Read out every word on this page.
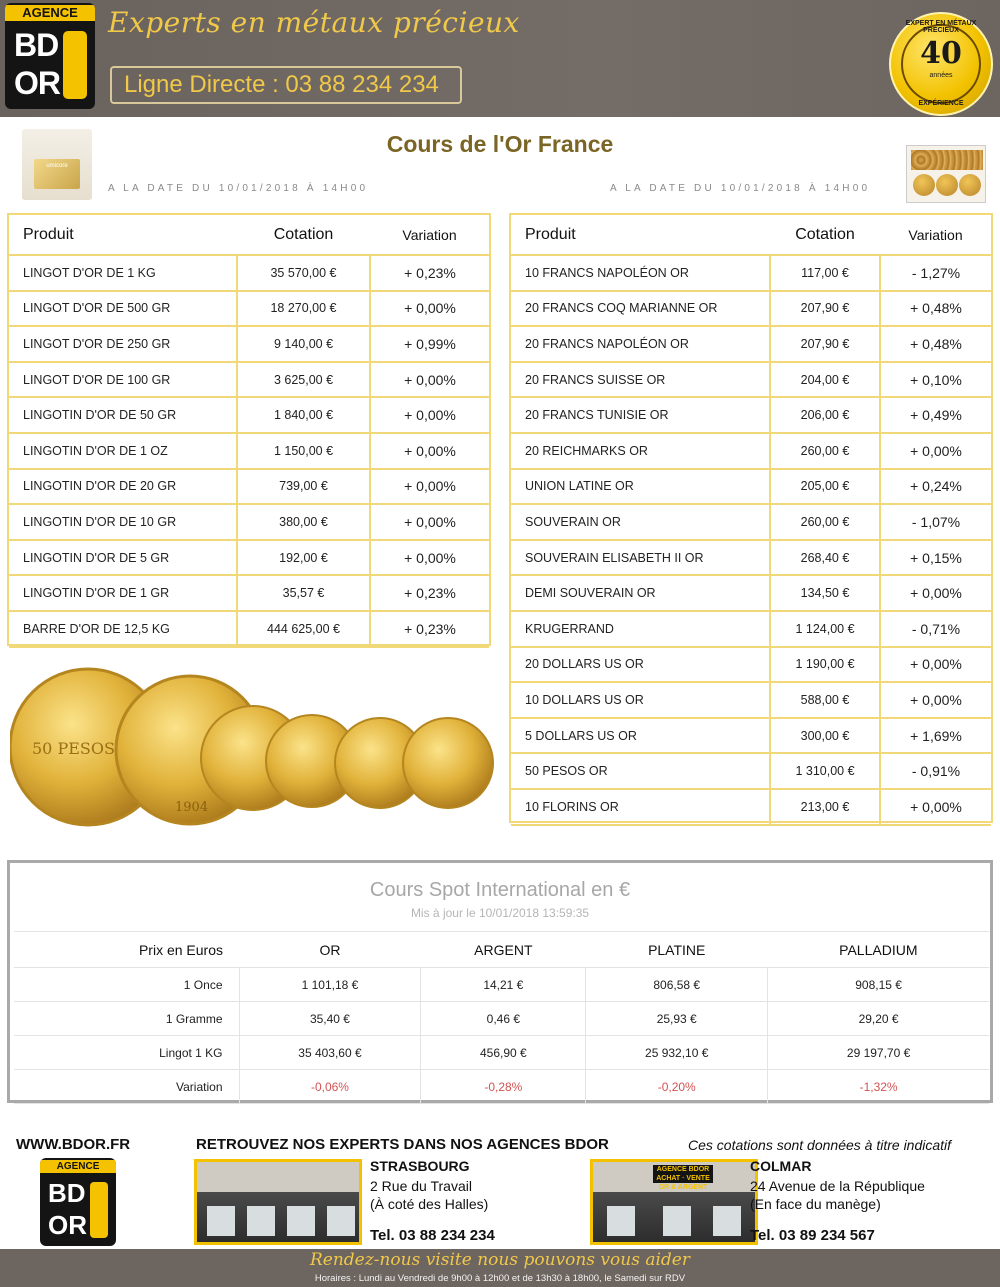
AGENCE
BD
OR
Experts en métaux précieux
Ligne Directe : 03 88 234 234
EXPERT EN MÉTAUX PRÉCIEUX
40
années
EXPÉRIENCE
umicore
Cours de l'Or France
A LA DATE DU 10/01/2018 À 14H00	A LA DATE DU 10/01/2018 À 14H00
Produit	Cotation	Variation
LINGOT D'OR DE 1 KG	35 570,00 €	+ 0,23%
LINGOT D'OR DE 500 GR	18 270,00 €	+ 0,00%
LINGOT D'OR DE 250 GR	9 140,00 €	+ 0,99%
LINGOT D'OR DE 100 GR	3 625,00 €	+ 0,00%
LINGOTIN D'OR DE 50 GR	1 840,00 €	+ 0,00%
LINGOTIN D'OR DE 1 OZ	1 150,00 €	+ 0,00%
LINGOTIN D'OR DE 20 GR	739,00 €	+ 0,00%
LINGOTIN D'OR DE 10 GR	380,00 €	+ 0,00%
LINGOTIN D'OR DE 5 GR	192,00 €	+ 0,00%
LINGOTIN D'OR DE 1 GR	35,57 €	+ 0,23%
BARRE D'OR DE 12,5 KG	444 625,00 €	+ 0,23%
Produit	Cotation	Variation
10 FRANCS NAPOLÉON OR	117,00 €	- 1,27%
20 FRANCS COQ MARIANNE OR	207,90 €	+ 0,48%
20 FRANCS NAPOLÉON OR	207,90 €	+ 0,48%
20 FRANCS SUISSE OR	204,00 €	+ 0,10%
20 FRANCS TUNISIE OR	206,00 €	+ 0,49%
20 REICHMARKS OR	260,00 €	+ 0,00%
UNION LATINE OR	205,00 €	+ 0,24%
SOUVERAIN OR	260,00 €	- 1,07%
SOUVERAIN ELISABETH II OR	268,40 €	+ 0,15%
DEMI SOUVERAIN OR	134,50 €	+ 0,00%
KRUGERRAND	1 124,00 €	- 0,71%
20 DOLLARS US OR	1 190,00 €	+ 0,00%
10 DOLLARS US OR	588,00 €	+ 0,00%
5 DOLLARS US OR	300,00 €	+ 1,69%
50 PESOS OR	1 310,00 €	- 0,91%
10 FLORINS OR	213,00 €	+ 0,00%
50 PESOS
1904
Cours Spot International en €
Mis à jour le 10/01/2018 13:59:35
Prix en Euros	OR	ARGENT	PLATINE	PALLADIUM
1 Once	1 101,18 €	14,21 €	806,58 €	908,15 €
1 Gramme	35,40 €	0,46 €	25,93 €	29,20 €
Lingot 1 KG	35 403,60 €	456,90 €	25 932,10 €	29 197,70 €
Variation	-0,06%	-0,28%	-0,20%	-1,32%
WWW.BDOR.FR
AGENCE
BD
OR
RETROUVEZ NOS EXPERTS DANS NOS AGENCES BDOR	Ces cotations sont données à titre indicatif
STRASBOURG
2 Rue du Travail
(À coté des Halles)
Tel. 03 88 234 234
AGENCE BDOR ACHAT · VENTE OR & ARGENT
COLMAR
24 Avenue de la République
(En face du manège)
Tel. 03 89 234 567
Rendez-nous visite nous pouvons vous aider
Horaires : Lundi au Vendredi de 9h00 à 12h00 et de 13h30 à 18h00, le Samedi sur RDV
